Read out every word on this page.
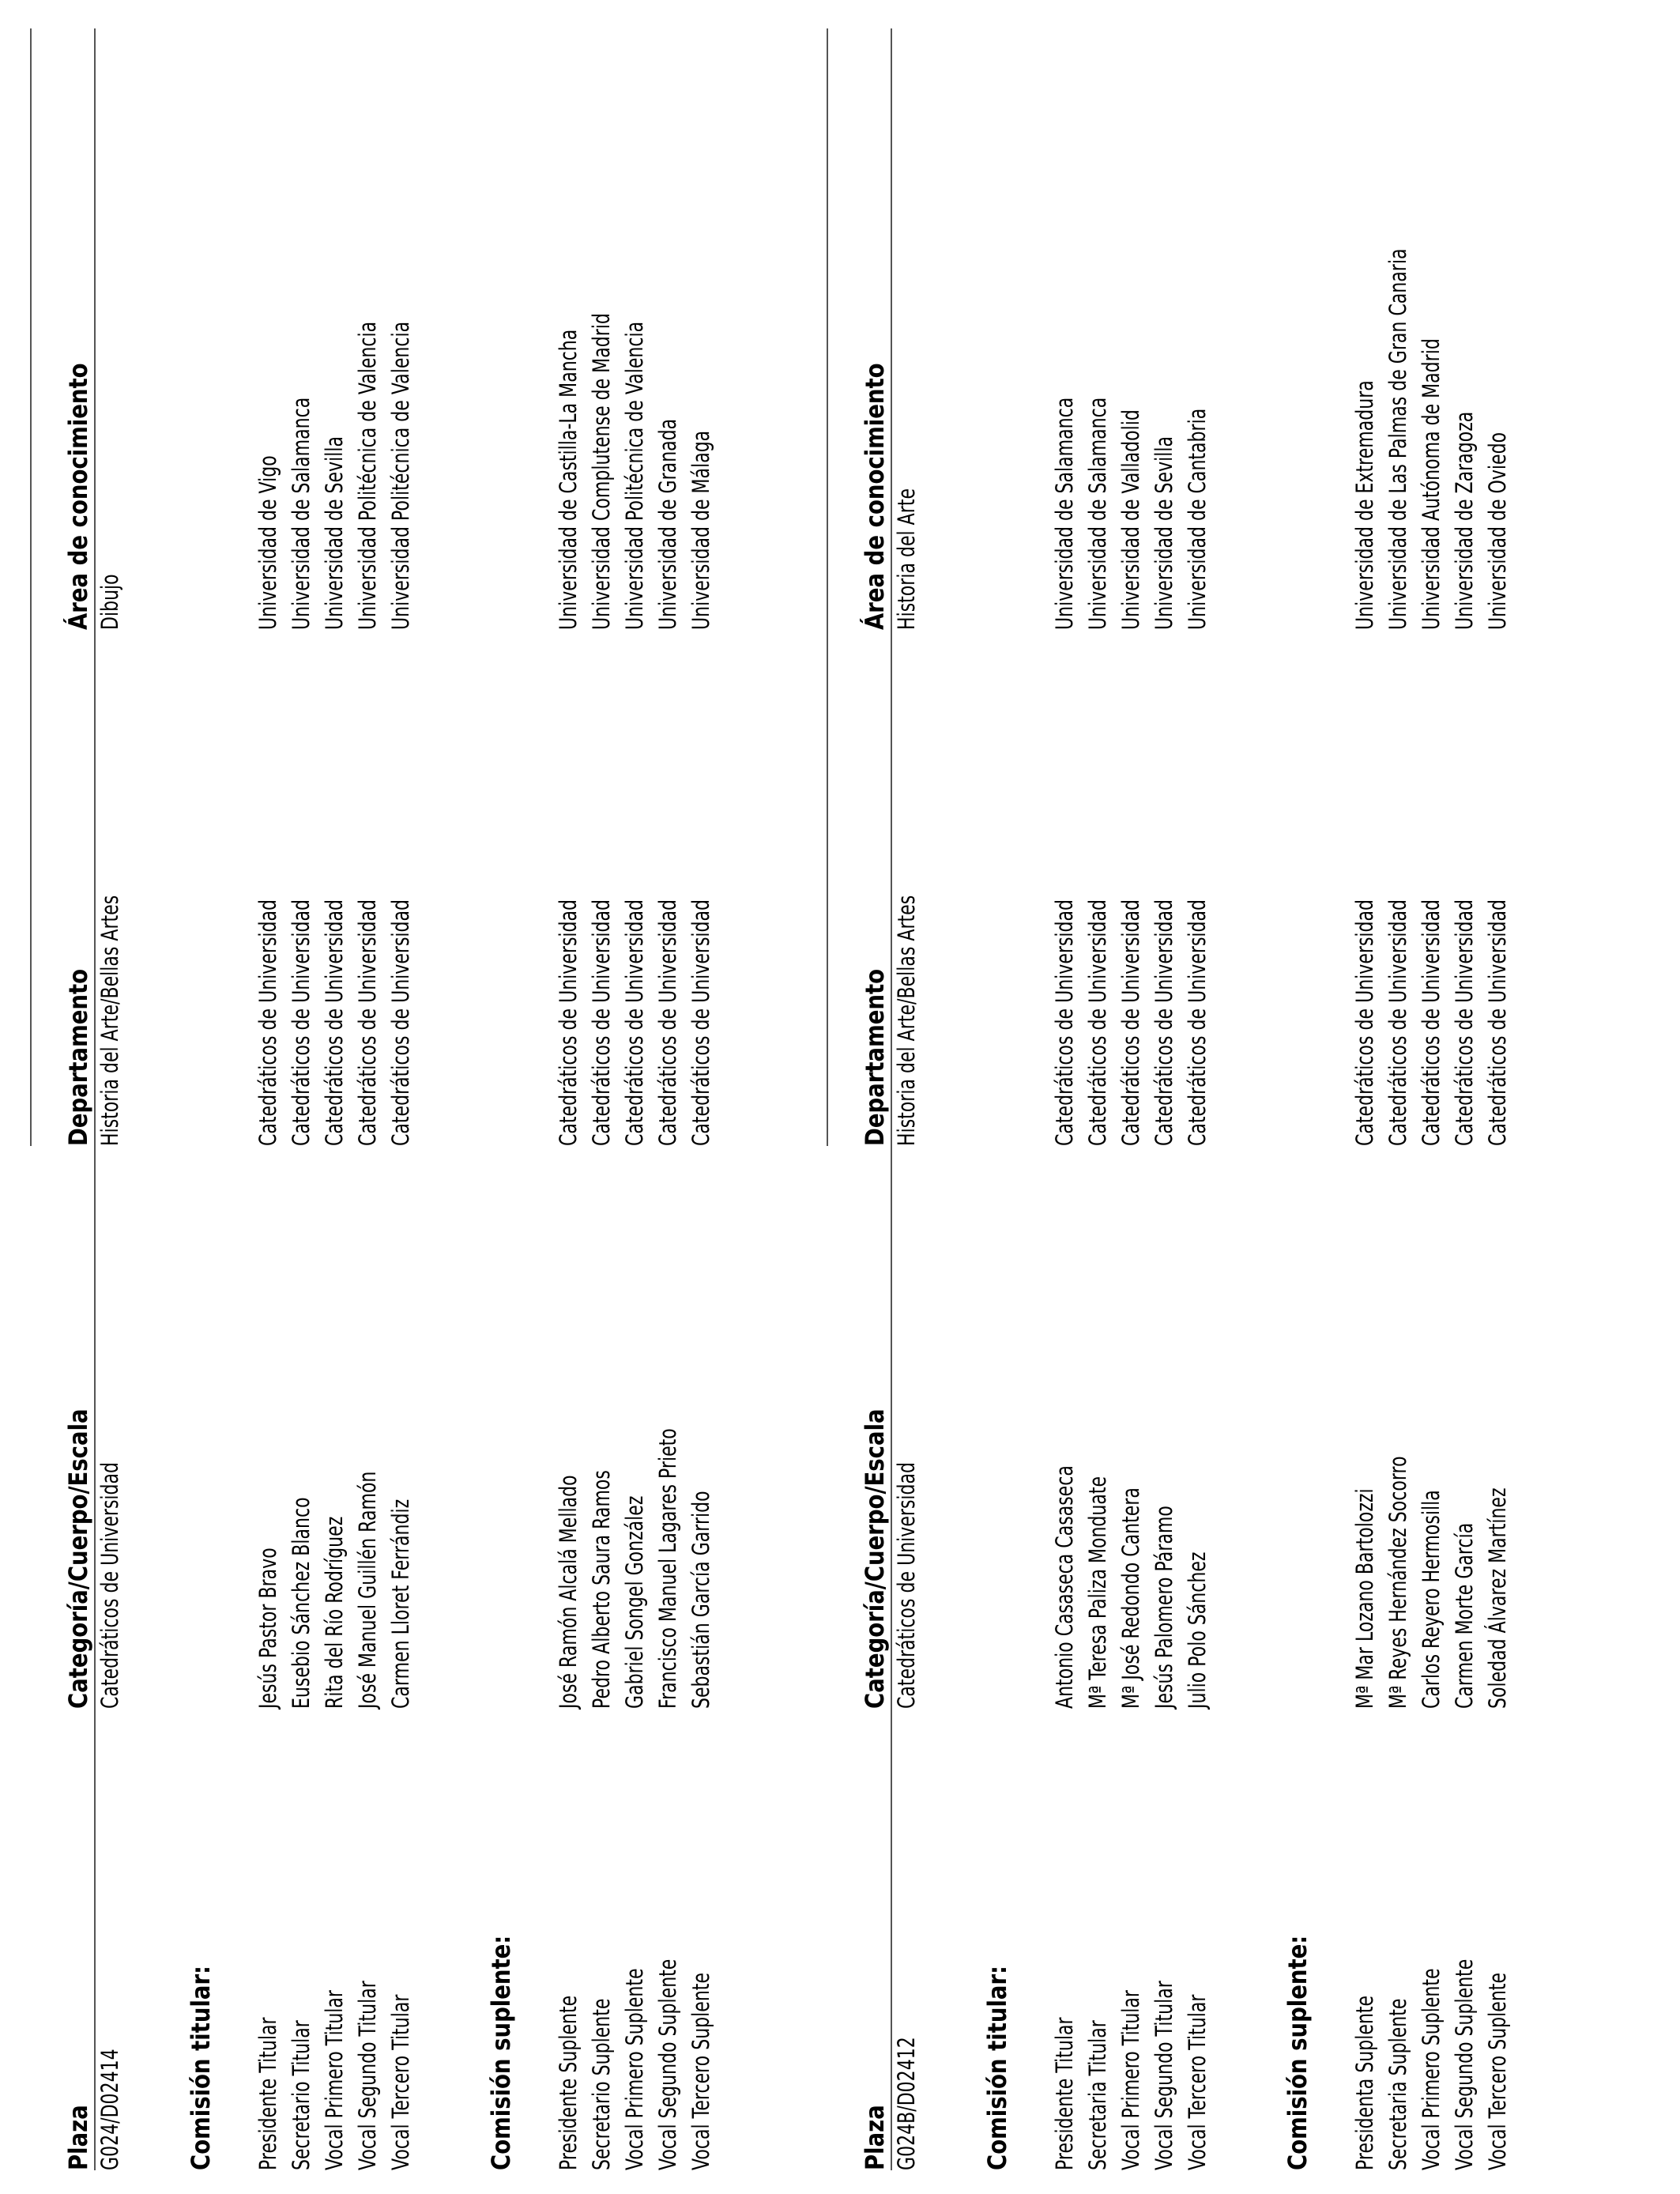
Plaza
Categoría/Cuerpo/Escala
Departamento
Área de conocimiento
G024/D02414
Catedráticos de Universidad
Historia del Arte/Bellas Artes
Dibujo
Comisión titular: Presidente Titular
Jesús Pastor Bravo
Catedráticos de Universidad
Universidad de Vigo
Secretario Titular
Eusebio Sánchez Blanco
Catedráticos de Universidad
Universidad de Salamanca
Vocal Primero Titular
Rita del Río Rodríguez
Catedráticos de Universidad
Universidad de Sevilla
Vocal Segundo Titular
José Manuel Guillén Ramón
Catedráticos de Universidad
Universidad Politécnica de Valencia
Vocal Tercero Titular
Carmen Lloret Ferrándiz
Catedráticos de Universidad
Universidad Politécnica de Valencia
Comisión suplente: Presidente Suplente
José Ramón Alcalá Mellado
Catedráticos de Universidad
Universidad de Castilla-La Mancha
Secretario Suplente
Pedro Alberto Saura Ramos
Catedráticos de Universidad
Universidad Complutense de Madrid
Vocal Primero Suplente
Gabriel Songel González
Catedráticos de Universidad
Universidad Politécnica de Valencia
Vocal Segundo Suplente
Francisco Manuel Lagares Prieto
Catedráticos de Universidad
Universidad de Granada
Vocal Tercero Suplente
Sebastián García Garrido
Catedráticos de Universidad
Universidad de Málaga
Plaza
Categoría/Cuerpo/Escala
Departamento
Área de conocimiento
G024B/D02412
Catedráticos de Universidad
Historia del Arte/Bellas Artes
Historia del Arte
Comisión titular: Presidente Titular
Antonio Casaseca Casaseca
Catedráticos de Universidad
Universidad de Salamanca
Secretaria Titular
Mª Teresa Paliza Monduate
Catedráticos de Universidad
Universidad de Salamanca
Vocal Primero Titular
Mª José Redondo Cantera
Catedráticos de Universidad
Universidad de Valladolid
Vocal Segundo Titular
Jesús Palomero Páramo
Catedráticos de Universidad
Universidad de Sevilla
Vocal Tercero Titular
Julio Polo Sánchez
Catedráticos de Universidad
Universidad de Cantabria
Comisión suplente: Presidenta Suplente
Mª Mar Lozano Bartolozzi
Catedráticos de Universidad
Universidad de Extremadura
Secretaria Suplente
Mª Reyes Hernández Socorro
Catedráticos de Universidad
Universidad de Las Palmas de Gran Canaria
Vocal Primero Suplente
Carlos Reyero Hermosilla
Catedráticos de Universidad
Universidad Autónoma de Madrid
Vocal Segundo Suplente
Carmen Morte García
Catedráticos de Universidad
Universidad de Zaragoza
Vocal Tercero Suplente
Soledad Álvarez Martínez
Catedráticos de Universidad
Universidad de Oviedo
